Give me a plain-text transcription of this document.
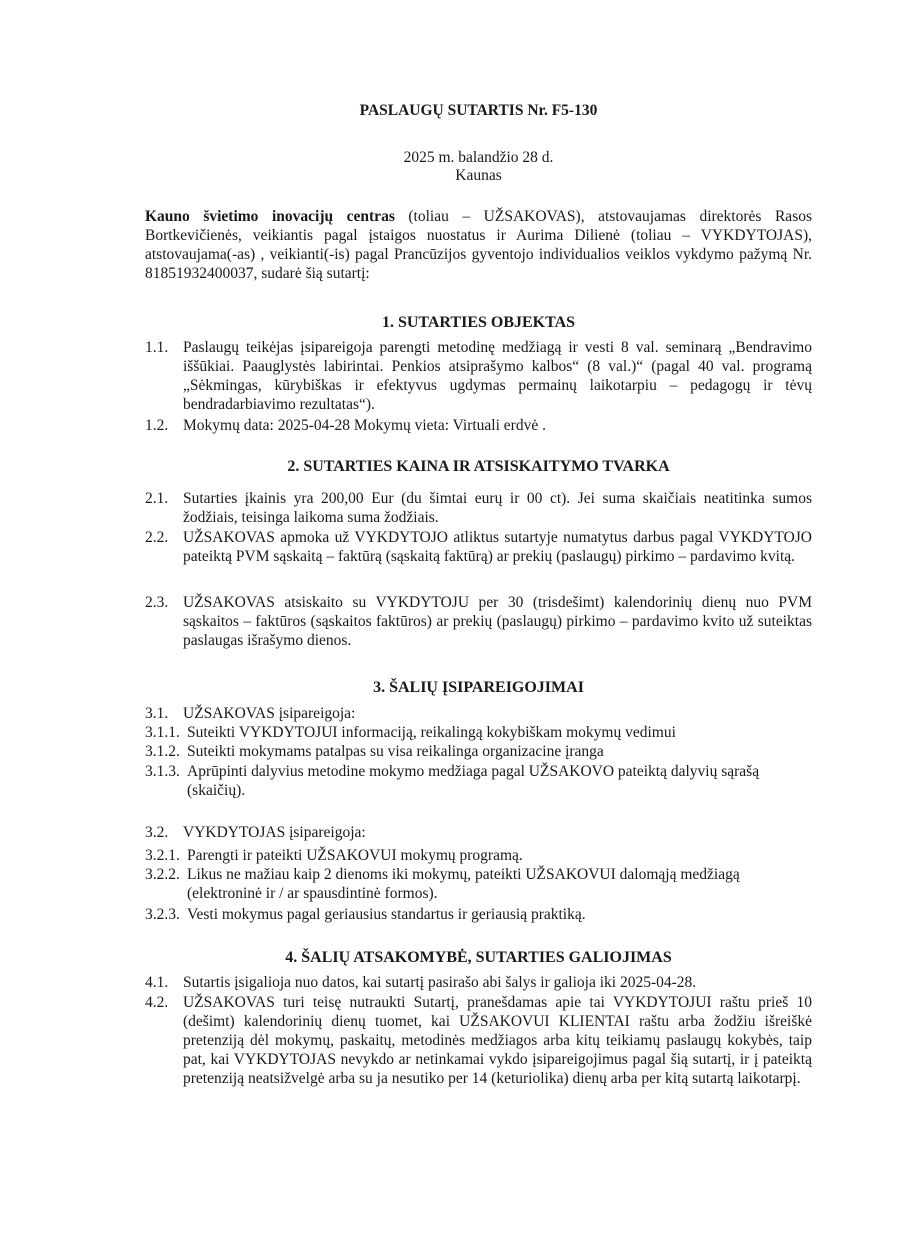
PASLAUGŲ SUTARTIS Nr. F5-130
2025 m. balandžio 28 d.
Kaunas
Kauno švietimo inovacijų centras (toliau – UŽSAKOVAS), atstovaujamas direktorės Rasos Bortkevičienės, veikiantis pagal įstaigos nuostatus ir Aurima Dilienė (toliau – VYKDYTOJAS), atstovaujama(-as) , veikianti(-is) pagal Prancūzijos gyventojo individualios veiklos vykdymo pažymą Nr. 81851932400037, sudarė šią sutartį:
1. SUTARTIES OBJEKTAS
1.1. Paslaugų teikėjas įsipareigoja parengti metodinę medžiagą ir vesti 8 val. seminarą „Bendravimo iššūkiai. Paauglystės labirintai. Penkios atsiprašymo kalbos“ (8 val.)“ (pagal 40 val. programą „Sėkmingas, kūrybiškas ir efektyvus ugdymas permainų laikotarpiu – pedagogų ir tėvų bendradarbiavimo rezultatas“).
1.2. Mokymų data: 2025-04-28 Mokymų vieta: Virtuali erdvė .
2. SUTARTIES KAINA IR ATSISKAITYMO TVARKA
2.1. Sutarties įkainis yra 200,00 Eur (du šimtai eurų ir 00 ct). Jei suma skaičiais neatitinka sumos žodžiais, teisinga laikoma suma žodžiais.
2.2. UŽSAKOVAS apmoka už VYKDYTOJO atliktus sutartyje numatytus darbus pagal VYKDYTOJO pateiktą PVM sąskaitą – faktūrą (sąskaitą faktūrą) ar prekių (paslaugų) pirkimo – pardavimo kvitą.
2.3. UŽSAKOVAS atsiskaito su VYKDYTOJU per 30 (trisdešimt) kalendorinių dienų nuo PVM sąskaitos – faktūros (sąskaitos faktūros) ar prekių (paslaugų) pirkimo – pardavimo kvito už suteiktas paslaugas išrašymo dienos.
3. ŠALIŲ ĮSIPAREIGOJIMAI
3.1. UŽSAKOVAS įsipareigoja:
3.1.1. Suteikti VYKDYTOJUI informaciją, reikalingą kokybiškam mokymų vedimui
3.1.2. Suteikti mokymams patalpas su visa reikalinga organizacine įranga
3.1.3. Aprūpinti dalyvius metodine mokymo medžiaga pagal UŽSAKOVO pateiktą dalyvių sąrašą (skaičių).
3.2. VYKDYTOJAS įsipareigoja:
3.2.1. Parengti ir pateikti UŽSAKOVUI mokymų programą.
3.2.2. Likus ne mažiau kaip 2 dienoms iki mokymų, pateikti UŽSAKOVUI dalomąją medžiagą (elektroninė ir / ar spausdintinė formos).
3.2.3. Vesti mokymus pagal geriausius standartus ir geriausią praktiką.
4. ŠALIŲ ATSAKOMYBĖ, SUTARTIES GALIOJIMAS
4.1. Sutartis įsigalioja nuo datos, kai sutartį pasirašo abi šalys ir galioja iki 2025-04-28.
4.2. UŽSAKOVAS turi teisę nutraukti Sutartį, pranešdamas apie tai VYKDYTOJUI raštu prieš 10 (dešimt) kalendorinių dienų tuomet, kai UŽSAKOVUI KLIENTAI raštu arba žodžiu išreiškė pretenziją dėl mokymų, paskaitų, metodinės medžiagos arba kitų teikiamų paslaugų kokybės, taip pat, kai VYKDYTOJAS nevykdo ar netinkamai vykdo įsipareigojimus pagal šią sutartį, ir į pateiktą pretenziją neatsižvelgė arba su ja nesutiko per 14 (keturiolika) dienų arba per kitą sutartą laikotarpį.
